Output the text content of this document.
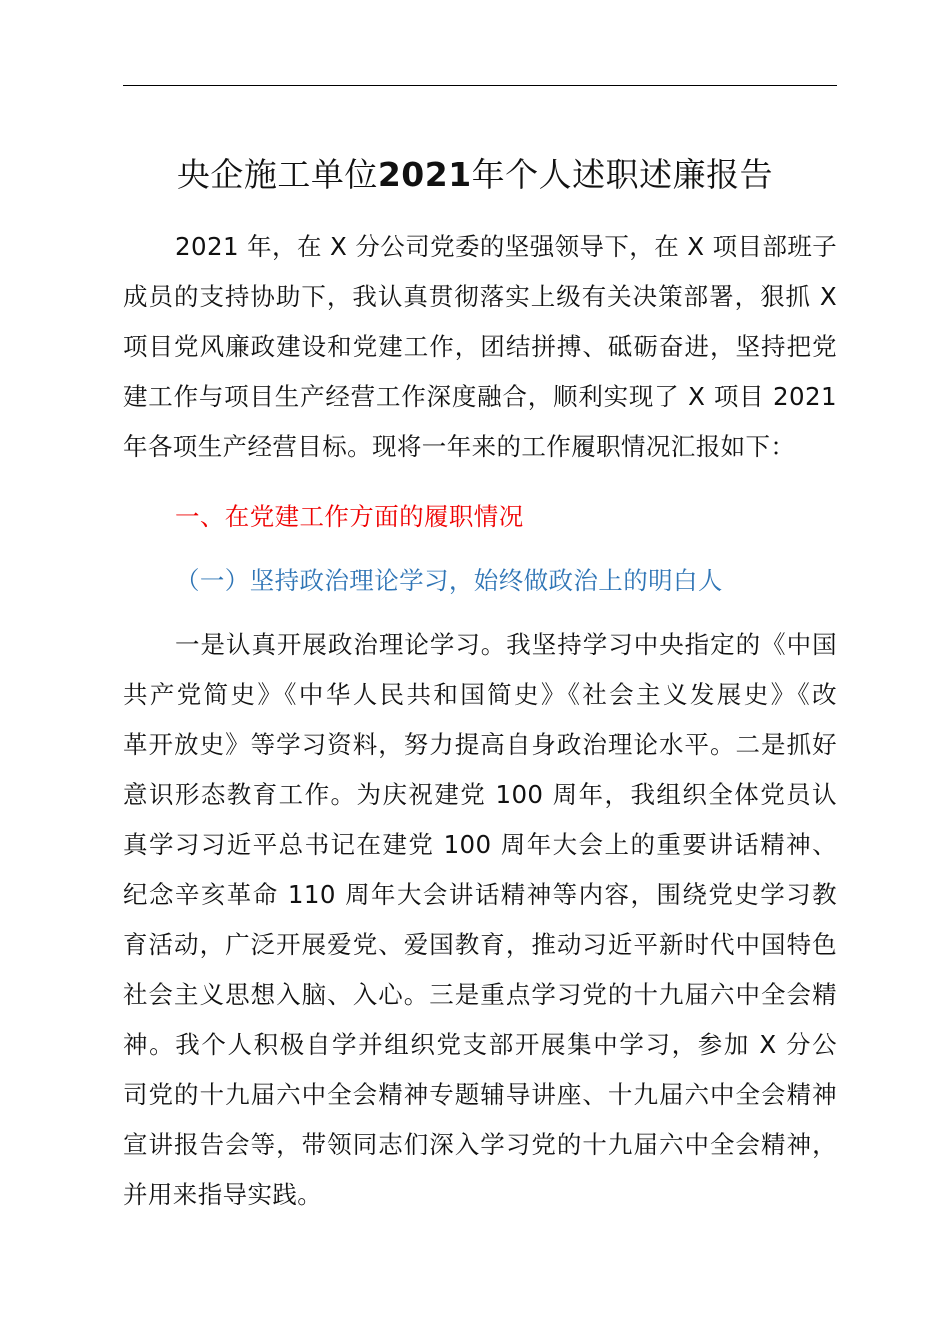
央企施工单位2021年个人述职述廉报告

2021 年，在 X 分公司党委的坚强领导下，在 X 项目部班子
成员的支持协助下，我认真贯彻落实上级有关决策部署，狠抓 X
项目党风廉政建设和党建工作，团结拼搏、砥砺奋进，坚持把党
建工作与项目生产经营工作深度融合，顺利实现了 X 项目 2021
年各项生产经营目标。现将一年来的工作履职情况汇报如下：

一、在党建工作方面的履职情况
（一）坚持政治理论学习，始终做政治上的明白人

一是认真开展政治理论学习。我坚持学习中央指定的《中国
共产党简史》《中华人民共和国简史》《社会主义发展史》《改
革开放史》等学习资料，努力提高自身政治理论水平。二是抓好
意识形态教育工作。为庆祝建党 100 周年，我组织全体党员认
真学习习近平总书记在建党 100 周年大会上的重要讲话精神、
纪念辛亥革命 110 周年大会讲话精神等内容，围绕党史学习教
育活动，广泛开展爱党、爱国教育，推动习近平新时代中国特色
社会主义思想入脑、入心。三是重点学习党的十九届六中全会精
神。我个人积极自学并组织党支部开展集中学习，参加 X 分公
司党的十九届六中全会精神专题辅导讲座、十九届六中全会精神
宣讲报告会等，带领同志们深入学习党的十九届六中全会精神，
并用来指导实践。
